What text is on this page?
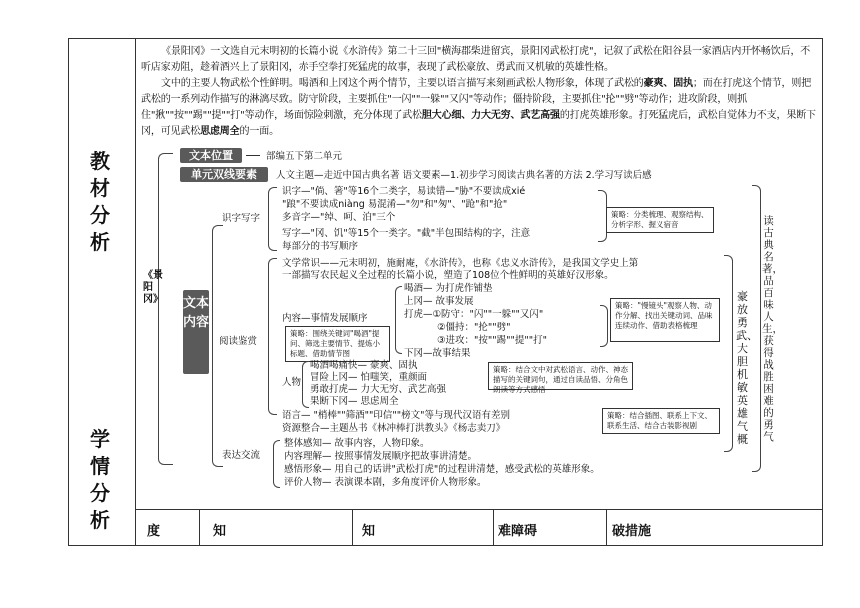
教材分析
学情分析

《景阳冈》一文选自元末明初的长篇小说《水浒传》第二十三回"横海郡柴进留宾，景阳冈武松打虎"，记叙了武松在阳谷县一家酒店内开怀畅饮后，不听店家劝阻，趁着酒兴上了景阳冈，赤手空拳打死猛虎的故事，表现了武松豪放、勇武而又机敏的英雄性格。

文中的主要人物武松个性鲜明。喝酒和上冈这个两个情节，主要以语言描写来刻画武松人物形象，体现了武松的豪爽、固执；而在打虎这个情节，则把武松的一系列动作描写的淋漓尽致。防守阶段，主要抓住"一闪""一躲""又闪"等动作；僵持阶段，主要抓住"抡""劈"等动作；进攻阶段，则抓住"揪""按""踢""提""打"等动作，场面惊险刺激，充分体现了武松胆大心细、力大无穷、武艺高强的打虎英雄形象。打死猛虎后，武松自觉体力不支，果断下冈，可见武松思虑周全的一面。

文本位置	部编五下第二单元
单元双线要素	人文主题—走近中国古典名著 语文要素—1.初步学习阅读古典名著的方法 2.学习写读后感
《景阳冈》 文本内容
识字写字
识字—"倘、箸"等16个二类字，易读错—"胁"不要读成xié
"踉"不要读成niàng 易混淆—"勿"和"匆"、"跄"和"抢"
多音字—"绰、呵、泊"三个
写字—"冈、饥"等15个一类字。"截"半包围结构的字，注意
每部分的书写顺序
策略：分类梳理、观察结构、分析字形、握义宿音
阅读鉴赏
文学常识——元末明初，施耐庵，《水浒传》，也称《忠义水浒传》，是我国文学史上第
一部描写农民起义全过程的长篇小说，塑造了108位个性鲜明的英雄好汉形象。
内容—事情发展顺序
喝酒— 为打虎作铺垫
上冈— 故事发展
打虎—①防守："闪""一躲""又闪"
②僵持："抡""劈"
③进攻："按""踢""提""打"
下冈—故事结果
策略：围绕关键词"喝酒"提问、筛选主要情节、提炼小标题、借助情节图
策略："慢镜头"观察人物、动作分解、找出关键动词、品味连续动作、借助表格梳理
人物
喝酒喝痛快— 豪爽、固执
冒险上冈— 怕嗤笑，重颜面
勇敢打虎— 力大无穷、武艺高强
果断下冈— 思虑周全
策略：结合文中对武松语言、动作、神态描写的关键词句，通过自读品悟、分角色朗读等方式感悟
语言— "梢棒""筛酒""印信""榜文"等与现代汉语有差别
资源整合—主题丛书《林冲棒打洪教头》《杨志卖刀》
策略：结合插图、联系上下文、联系生活、结合古装影视剧
表达交流
整体感知— 故事内容，人物印象。
内容理解— 按照事情发展顺序把故事讲清楚。
感悟形象— 用自己的话讲"武松打虎"的过程讲清楚，感受武松的英雄形象。
评价人物— 表演课本剧，多角度评价人物形象。
豪放勇武、大胆机敏英雄气概
读古典名著，品百味人生，获得战胜困难的勇气
度	知	知	难障碍	破措施
